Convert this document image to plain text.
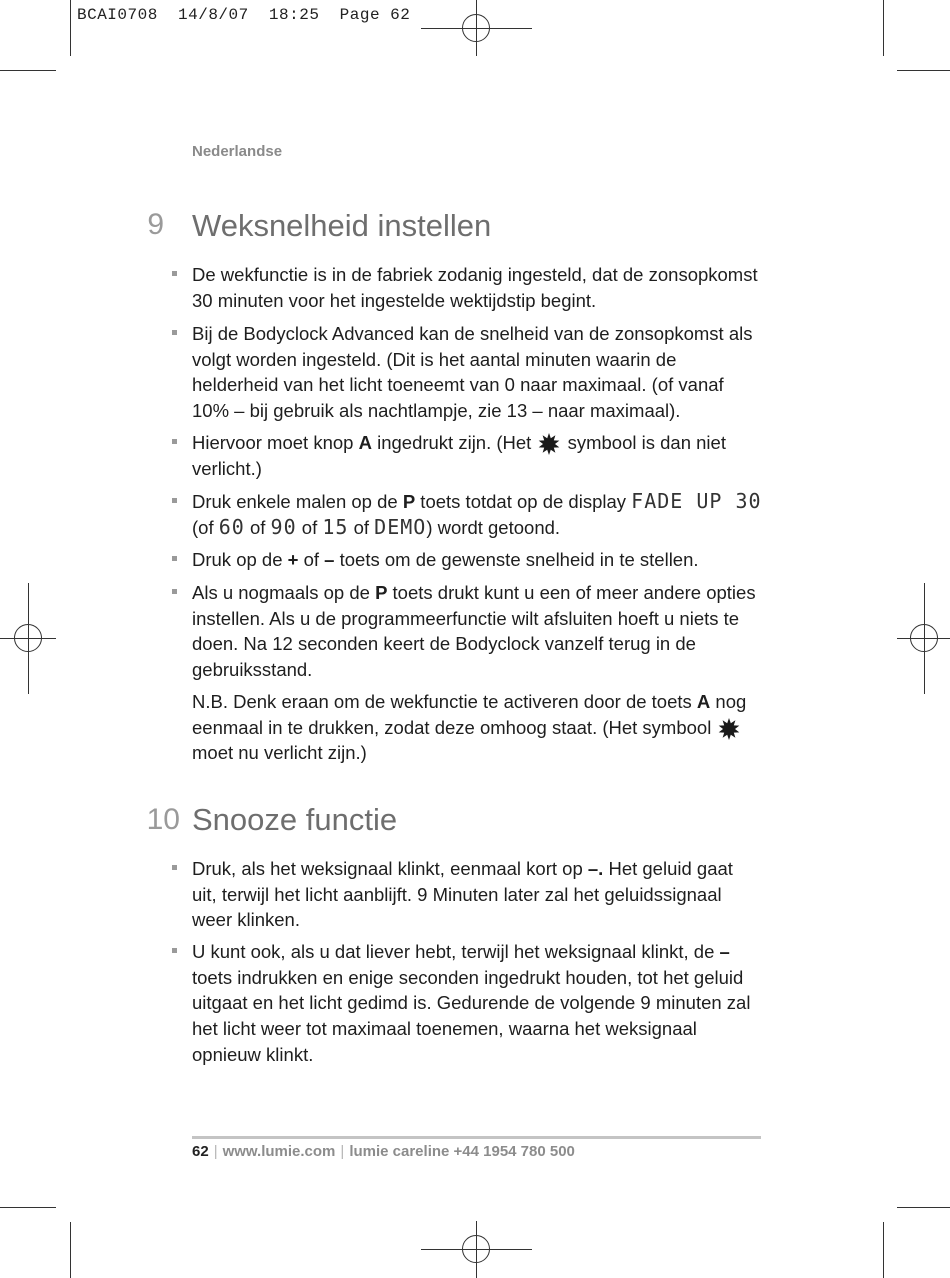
BCAI0708  14/8/07  18:25  Page 62
Nederlandse
9 Weksnelheid instellen
De wekfunctie is in de fabriek zodanig ingesteld, dat de zonsopkomst 30 minuten voor het ingestelde wektijdstip begint.
Bij de Bodyclock Advanced kan de snelheid van de zonsopkomst als volgt worden ingesteld. (Dit is het aantal minuten waarin de helderheid van het licht toeneemt van 0 naar maximaal. (of vanaf 10% – bij gebruik als nachtlampje, zie 13 – naar maximaal).
Hiervoor moet knop A ingedrukt zijn. (Het  symbool is dan niet verlicht.)
Druk enkele malen op de P toets totdat op de display FADE UP 30 (of 60 of 90 of 15 of DEMO) wordt getoond.
Druk op de + of – toets om de gewenste snelheid in te stellen.
Als u nogmaals op de P toets drukt kunt u een of meer andere opties instellen. Als u de programmeerfunctie wilt afsluiten hoeft u niets te doen. Na 12 seconden keert de Bodyclock vanzelf terug in de gebruiksstand.
N.B. Denk eraan om de wekfunctie te activeren door de toets A nog eenmaal in te drukken, zodat deze omhoog staat. (Het symbool  moet nu verlicht zijn.)
10 Snooze functie
Druk, als het weksignaal klinkt, eenmaal kort op –. Het geluid gaat uit, terwijl het licht aanblijft. 9 Minuten later zal het geluidssignaal weer klinken.
U kunt ook, als u dat liever hebt, terwijl het weksignaal klinkt, de – toets indrukken en enige seconden ingedrukt houden, tot het geluid uitgaat en het licht gedimd is. Gedurende de volgende 9 minuten zal het licht weer tot maximaal toenemen, waarna het weksignaal opnieuw klinkt.
62 | www.lumie.com | lumie careline +44 1954 780 500
